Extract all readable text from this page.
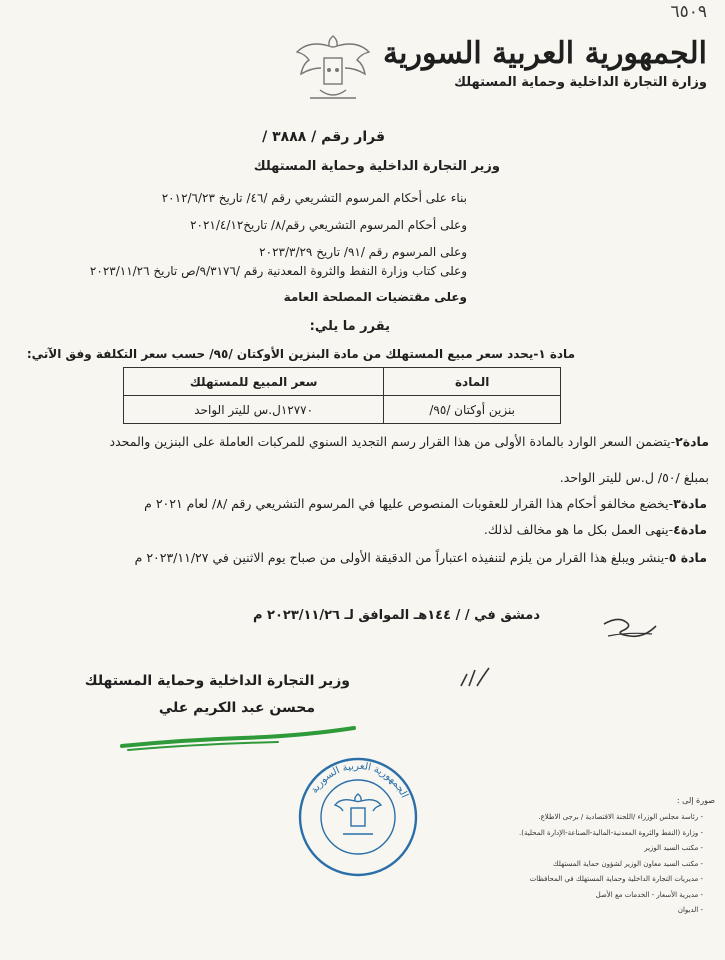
٦٥٠٩
الجمهورية العربية السورية
وزارة التجارة الداخلية وحماية المستهلك
قرار رقم / ٣٨٨٨ /
وزير التجارة الداخلية وحماية المستهلك
بناء على أحكام المرسوم التشريعي رقم /٤٦/ تاريخ ٢٠١٢/٦/٢٣
وعلى أحكام المرسوم التشريعي رقم/٨/ تاريخ٢٠٢١/٤/١٢
وعلى المرسوم رقم /٩١/ تاريخ ٢٠٢٣/٣/٢٩
وعلى كتاب وزارة النفط والثروة المعدنية رقم /٩/٣١٧٦/ص تاريخ ٢٠٢٣/١١/٢٦
وعلى مقتضيات المصلحة العامة
يقرر ما يلي:
مادة ١-يحدد سعر مبيع المستهلك من مادة البنزين الأوكتان /٩٥/ حسب سعر التكلفة وفق الآتي:
المادة	سعر المبيع للمستهلك
بنزين أوكتان /٩٥/	١٢٧٧٠ل.س لليتر الواحد
مادة٢-يتضمن السعر الوارد بالمادة الأولى من هذا القرار رسم التجديد السنوي للمركبات العاملة على البنزين والمحدد
بمبلغ /٥٠/ ل.س لليتر الواحد.
مادة٣-يخضع مخالفو أحكام هذا القرار للعقوبات المنصوص عليها في المرسوم التشريعي رقم /٨/ لعام ٢٠٢١ م
مادة٤-ينهى العمل بكل ما هو مخالف لذلك.
مادة ٥-ينشر ويبلغ هذا القرار من يلزم لتنفيذه اعتباراً من الدقيقة الأولى من صباح يوم الاثنين في ٢٠٢٣/١١/٢٧ م
دمشق في / / ١٤٤هـ الموافق لـ ٢٠٢٣/١١/٢٦ م
وزير التجارة الداخلية وحماية المستهلك
محسن عبد الكريم علي
الجمهورية العربية السورية	صورة إلى :
- رئاسة مجلس الوزراء /اللجنة الاقتصادية / برجى الاطلاع.
- وزارة (النفط والثروة المعدنية-المالية-الصناعة-الإدارة المحلية).
- مكتب السيد الوزير
- مكتب السيد معاون الوزير لشؤون حماية المستهلك
- مديريات التجارة الداخلية وحماية المستهلك في المحافظات
- مديرية الأسعار - الخدمات مع الأصل
- الديوان
